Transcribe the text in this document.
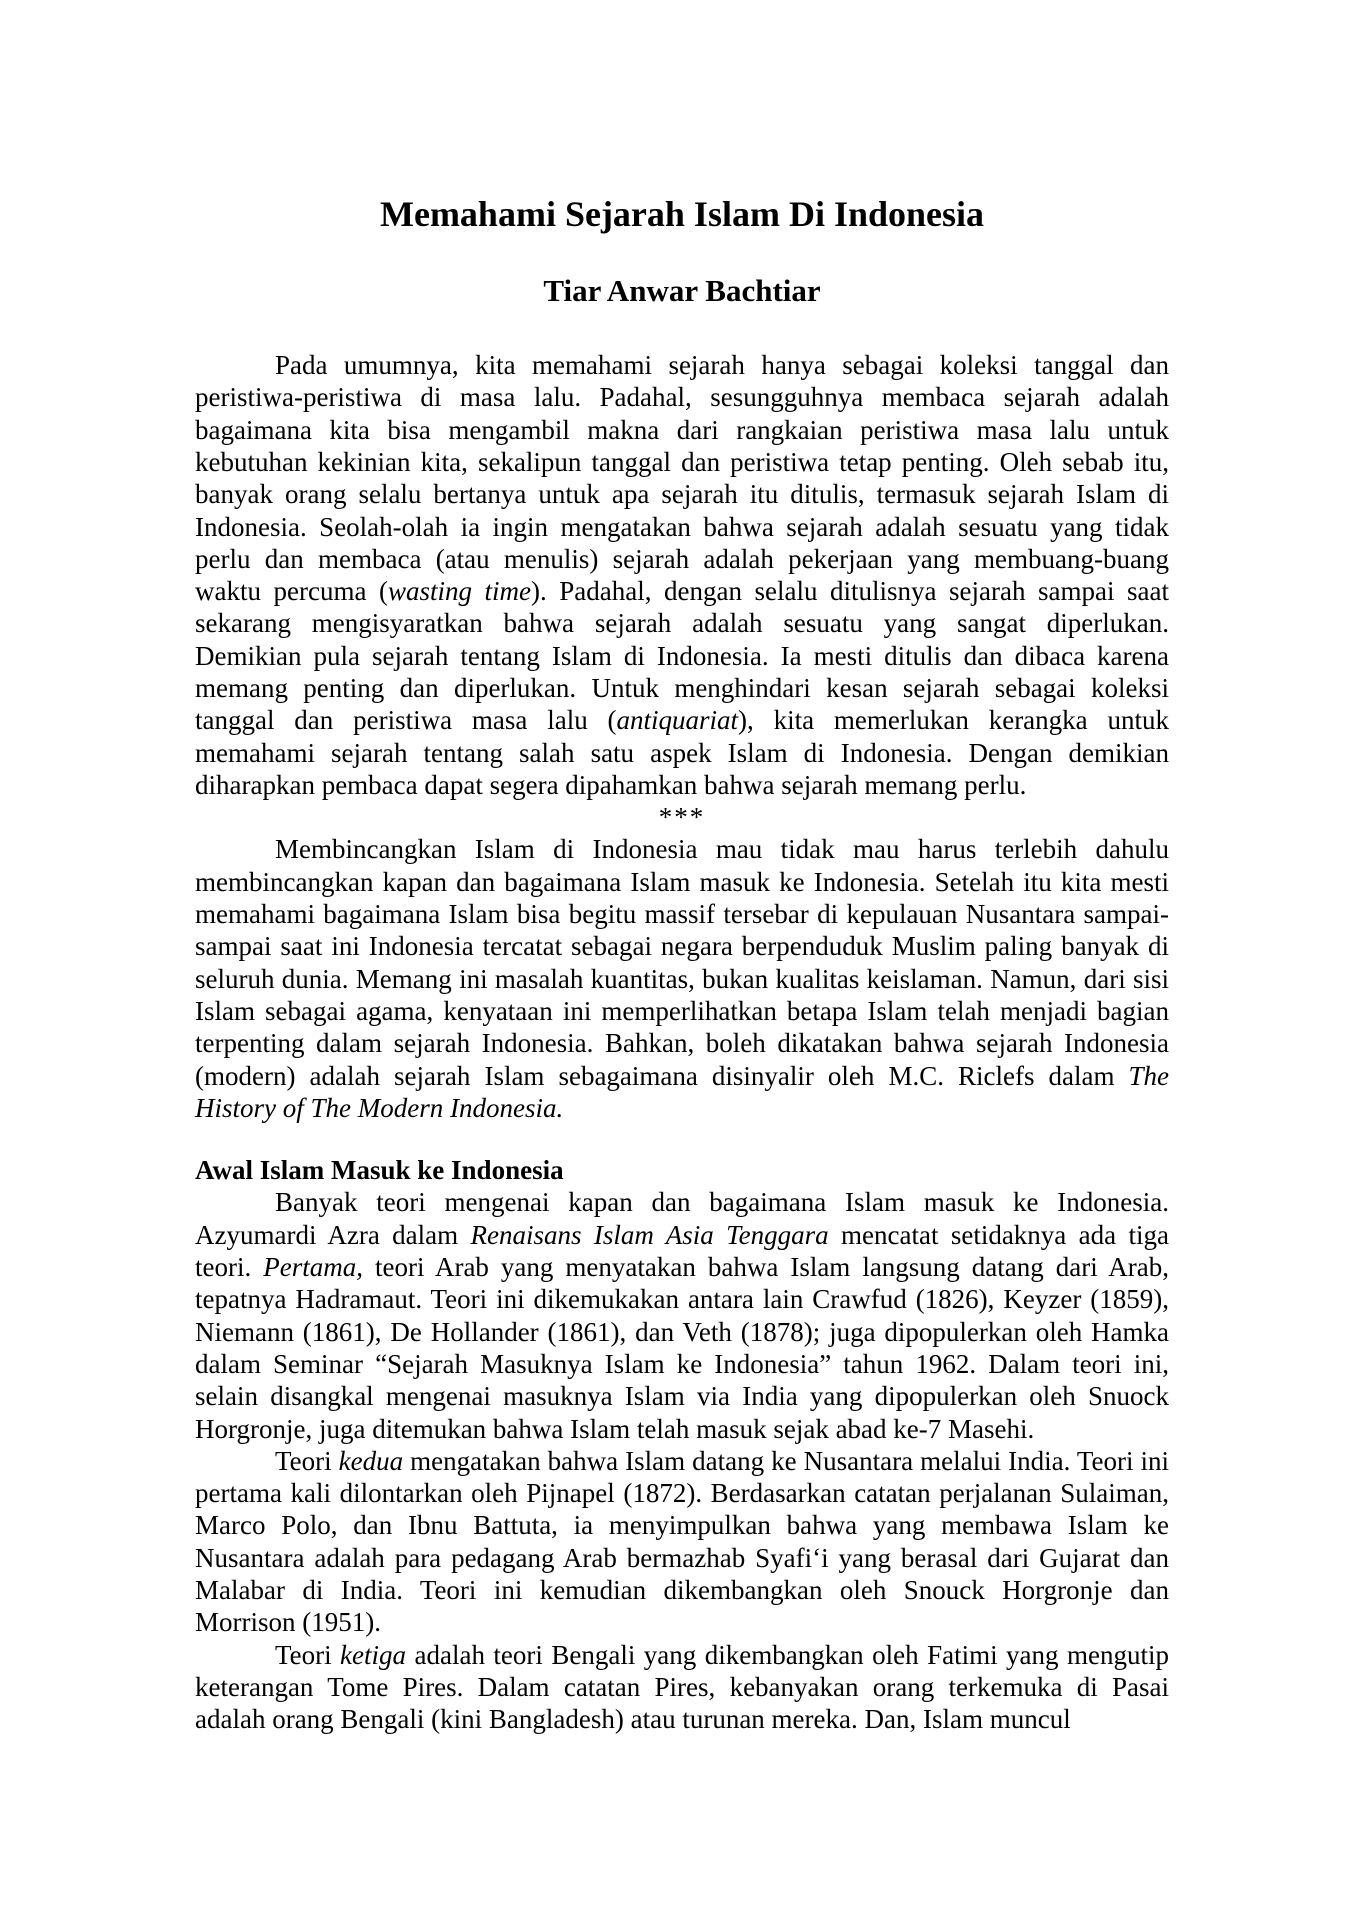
Memahami Sejarah Islam Di Indonesia
Tiar Anwar Bachtiar

Pada umumnya, kita memahami sejarah hanya sebagai koleksi tanggal dan peristiwa-peristiwa di masa lalu. Padahal, sesungguhnya membaca sejarah adalah bagaimana kita bisa mengambil makna dari rangkaian peristiwa masa lalu untuk kebutuhan kekinian kita, sekalipun tanggal dan peristiwa tetap penting. Oleh sebab itu, banyak orang selalu bertanya untuk apa sejarah itu ditulis, termasuk sejarah Islam di Indonesia. Seolah-olah ia ingin mengatakan bahwa sejarah adalah sesuatu yang tidak perlu dan membaca (atau menulis) sejarah adalah pekerjaan yang membuang-buang waktu percuma (wasting time). Padahal, dengan selalu ditulisnya sejarah sampai saat sekarang mengisyaratkan bahwa sejarah adalah sesuatu yang sangat diperlukan. Demikian pula sejarah tentang Islam di Indonesia. Ia mesti ditulis dan dibaca karena memang penting dan diperlukan. Untuk menghindari kesan sejarah sebagai koleksi tanggal dan peristiwa masa lalu (antiquariat), kita memerlukan kerangka untuk memahami sejarah tentang salah satu aspek Islam di Indonesia. Dengan demikian diharapkan pembaca dapat segera dipahamkan bahwa sejarah memang perlu.

***

Membincangkan Islam di Indonesia mau tidak mau harus terlebih dahulu membincangkan kapan dan bagaimana Islam masuk ke Indonesia. Setelah itu kita mesti memahami bagaimana Islam bisa begitu massif tersebar di kepulauan Nusantara sampai-sampai saat ini Indonesia tercatat sebagai negara berpenduduk Muslim paling banyak di seluruh dunia. Memang ini masalah kuantitas, bukan kualitas keislaman. Namun, dari sisi Islam sebagai agama, kenyataan ini memperlihatkan betapa Islam telah menjadi bagian terpenting dalam sejarah Indonesia. Bahkan, boleh dikatakan bahwa sejarah Indonesia (modern) adalah sejarah Islam sebagaimana disinyalir oleh M.C. Riclefs dalam The History of The Modern Indonesia.

Awal Islam Masuk ke Indonesia

Banyak teori mengenai kapan dan bagaimana Islam masuk ke Indonesia. Azyumardi Azra dalam Renaisans Islam Asia Tenggara mencatat setidaknya ada tiga teori. Pertama, teori Arab yang menyatakan bahwa Islam langsung datang dari Arab, tepatnya Hadramaut. Teori ini dikemukakan antara lain Crawfud (1826), Keyzer (1859), Niemann (1861), De Hollander (1861), dan Veth (1878); juga dipopulerkan oleh Hamka dalam Seminar “Sejarah Masuknya Islam ke Indonesia” tahun 1962. Dalam teori ini, selain disangkal mengenai masuknya Islam via India yang dipopulerkan oleh Snuock Horgronje, juga ditemukan bahwa Islam telah masuk sejak abad ke-7 Masehi.

Teori kedua mengatakan bahwa Islam datang ke Nusantara melalui India. Teori ini pertama kali dilontarkan oleh Pijnapel (1872). Berdasarkan catatan perjalanan Sulaiman, Marco Polo, dan Ibnu Battuta, ia menyimpulkan bahwa yang membawa Islam ke Nusantara adalah para pedagang Arab bermazhab Syafi‘i yang berasal dari Gujarat dan Malabar di India. Teori ini kemudian dikembangkan oleh Snouck Horgronje dan Morrison (1951).

Teori ketiga adalah teori Bengali yang dikembangkan oleh Fatimi yang mengutip keterangan Tome Pires. Dalam catatan Pires, kebanyakan orang terkemuka di Pasai adalah orang Bengali (kini Bangladesh) atau turunan mereka. Dan, Islam muncul
